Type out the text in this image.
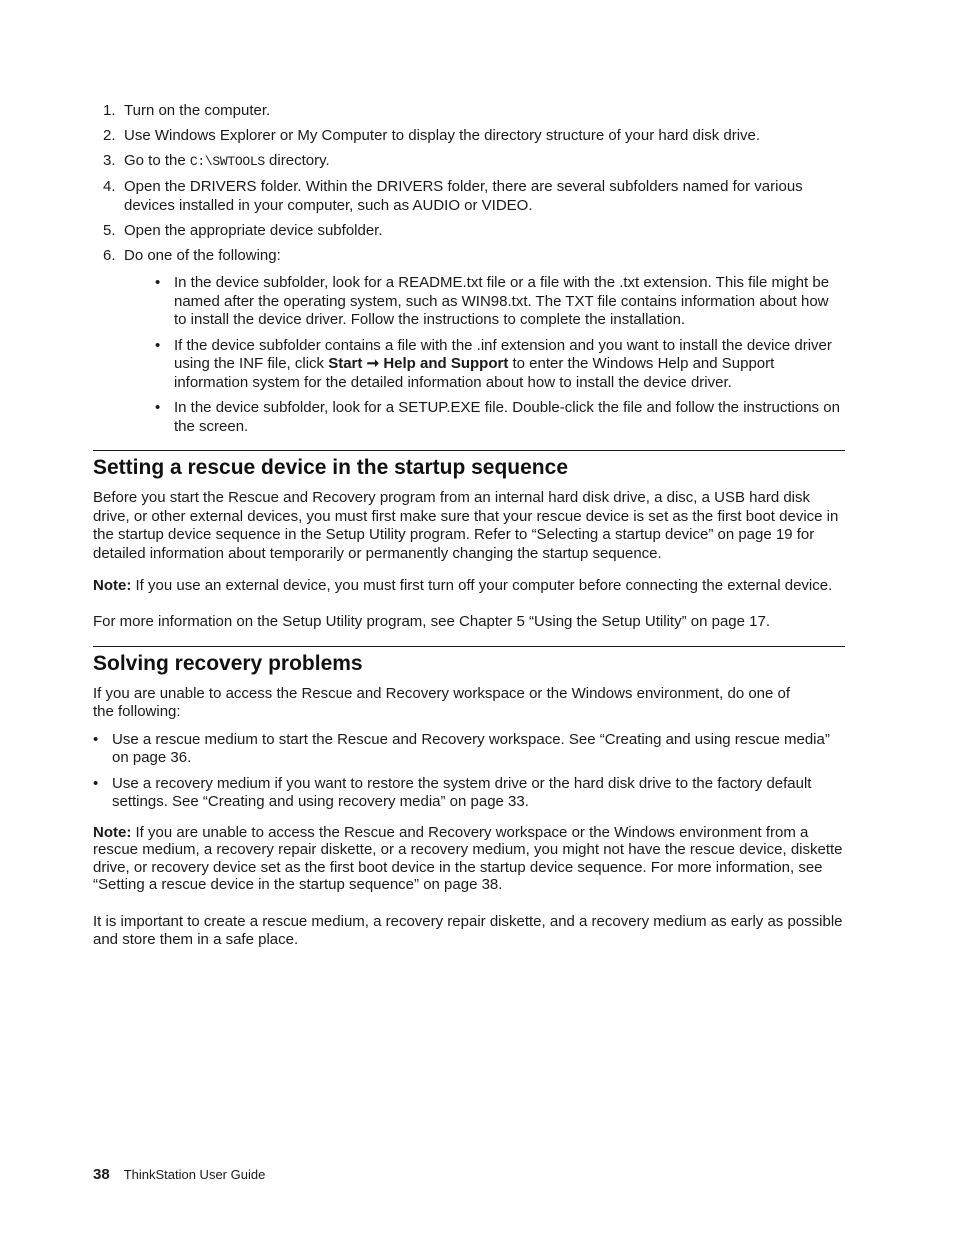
1. Turn on the computer.
2. Use Windows Explorer or My Computer to display the directory structure of your hard disk drive.
3. Go to the C:\SWTOOLS directory.
4. Open the DRIVERS folder. Within the DRIVERS folder, there are several subfolders named for various devices installed in your computer, such as AUDIO or VIDEO.
5. Open the appropriate device subfolder.
6. Do one of the following:
• In the device subfolder, look for a README.txt file or a file with the .txt extension. This file might be named after the operating system, such as WIN98.txt. The TXT file contains information about how to install the device driver. Follow the instructions to complete the installation.
• If the device subfolder contains a file with the .inf extension and you want to install the device driver using the INF file, click Start ➞ Help and Support to enter the Windows Help and Support information system for the detailed information about how to install the device driver.
• In the device subfolder, look for a SETUP.EXE file. Double-click the file and follow the instructions on the screen.
Setting a rescue device in the startup sequence

Before you start the Rescue and Recovery program from an internal hard disk drive, a disc, a USB hard disk drive, or other external devices, you must first make sure that your rescue device is set as the first boot device in the startup device sequence in the Setup Utility program. Refer to “Selecting a startup device” on page 19 for detailed information about temporarily or permanently changing the startup sequence.

Note: If you use an external device, you must first turn off your computer before connecting the external device.

For more information on the Setup Utility program, see Chapter 5 “Using the Setup Utility” on page 17.

Solving recovery problems

If you are unable to access the Rescue and Recovery workspace or the Windows environment, do one of the following:

• Use a rescue medium to start the Rescue and Recovery workspace. See “Creating and using rescue media” on page 36.
• Use a recovery medium if you want to restore the system drive or the hard disk drive to the factory default settings. See “Creating and using recovery media” on page 33.

Note: If you are unable to access the Rescue and Recovery workspace or the Windows environment from a rescue medium, a recovery repair diskette, or a recovery medium, you might not have the rescue device, diskette drive, or recovery device set as the first boot device in the startup device sequence. For more information, see “Setting a rescue device in the startup sequence” on page 38.

It is important to create a rescue medium, a recovery repair diskette, and a recovery medium as early as possible and store them in a safe place.

38 ThinkStation User Guide
